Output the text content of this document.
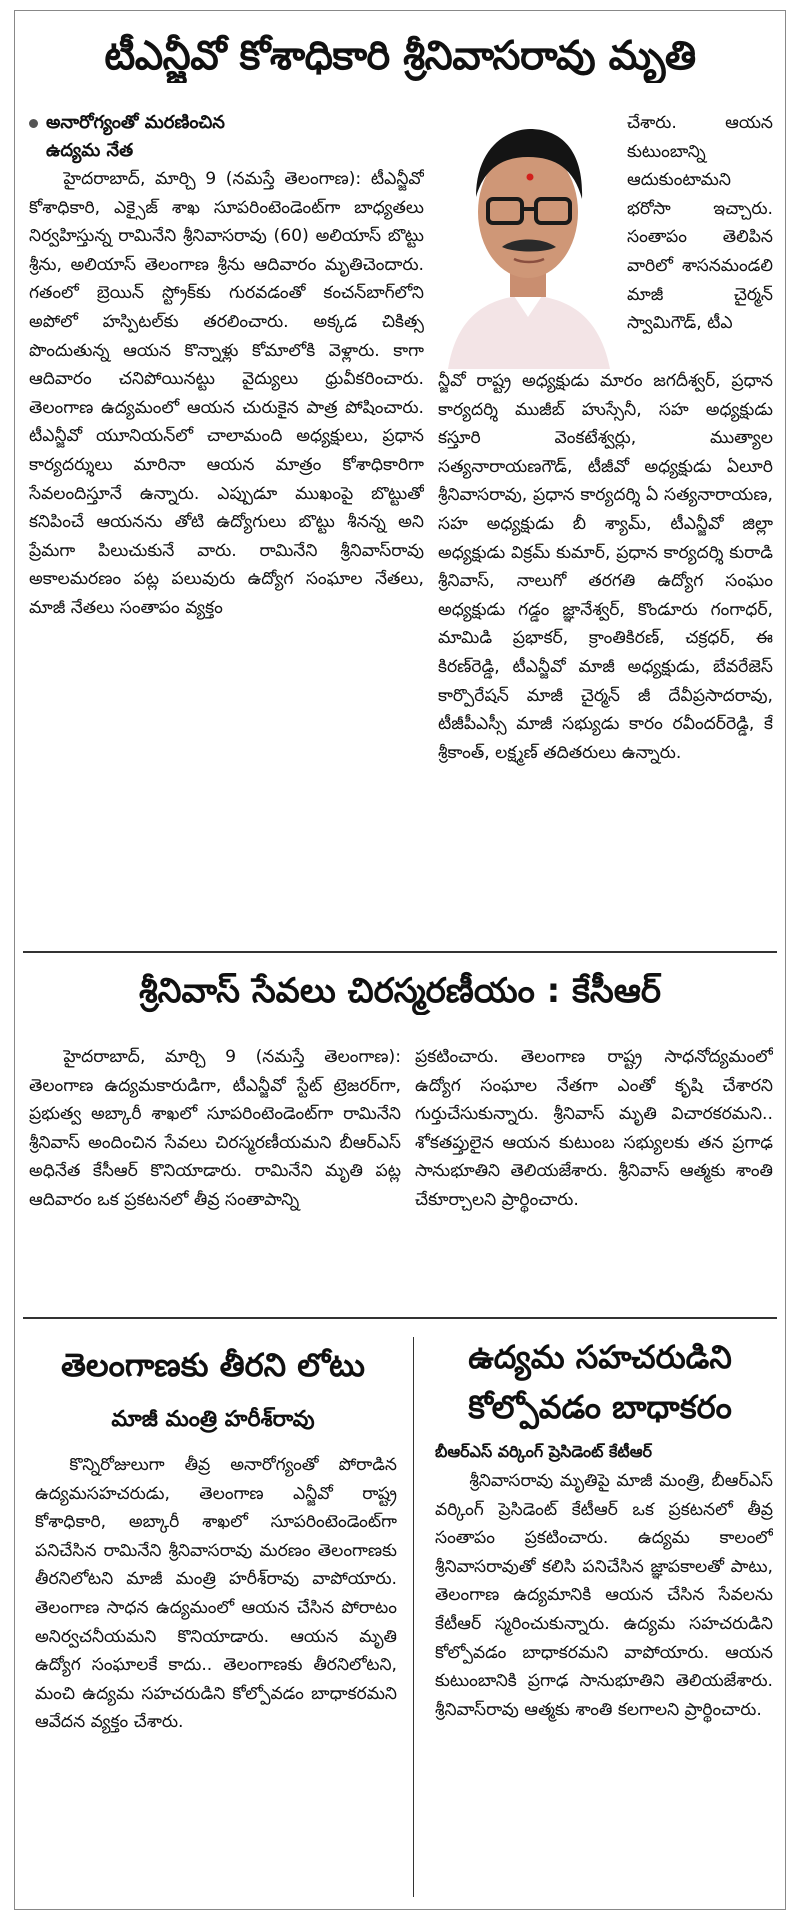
టీఎన్జీవో కోశాధికారి శ్రీనివాసరావు మృతి
అనారోగ్యంతో మరణించిన
ఉద్యమ నేత

హైదరాబాద్, మార్చి 9 (నమస్తే తెలంగాణ): టీఎన్జీవో కోశాధికారి, ఎక్సైజ్ శాఖ సూపరింటెండెంట్‌గా బాధ్యతలు నిర్వహిస్తున్న రామినేని శ్రీనివాసరావు (60) అలియాస్ బొట్టు శ్రీను, అలియాస్ తెలంగాణ శ్రీను ఆదివారం మృతిచెందారు. గతంలో బ్రెయిన్ స్ట్రోక్‌కు గురవడంతో కంచన్‌బాగ్‌లోని అపోలో హస్పిటల్‌కు తరలించారు. అక్కడ చికిత్స పొందుతున్న ఆయన కొన్నాళ్లు కోమాలోకి వెళ్లారు. కాగా ఆదివారం చనిపోయినట్టు వైద్యులు ధ్రువీకరించారు. తెలంగాణ ఉద్యమంలో ఆయన చురుకైన పాత్ర పోషించారు. టీఎన్జీవో యూనియన్‌లో చాలామంది అధ్యక్షులు, ప్రధాన కార్యదర్శులు మారినా ఆయన మాత్రం కోశాధికారిగా సేవలందిస్తూనే ఉన్నారు. ఎప్పుడూ ముఖంపై బొట్టుతో కనిపించే ఆయనను తోటి ఉద్యోగులు బొట్టు శీనన్న అని ప్రేమగా పిలుచుకునే వారు. రామినేని శ్రీనివాస్‌రావు అకాలమరణం పట్ల పలువురు ఉద్యోగ సంఘాల నేతలు, మాజీ నేతలు సంతాపం వ్యక్తం

చేశారు. ఆయన కుటుంబాన్ని ఆదుకుంటామని భరోసా ఇచ్చారు. సంతాపం తెలిపిన వారిలో శాసనమండలి మాజీ చైర్మన్ స్వామిగౌడ్, టీఎ

న్జీవో రాష్ట్ర అధ్యక్షుడు మారం జగదీశ్వర్, ప్రధాన కార్యదర్శి ముజీబ్ హుస్సేనీ, సహ అధ్యక్షుడు కస్తూరి వెంకటేశ్వర్లు, ముత్యాల సత్యనారాయణగౌడ్, టీజీవో అధ్యక్షుడు ఏలూరి శ్రీనివాసరావు, ప్రధాన కార్యదర్శి ఏ సత్యనారాయణ, సహ అధ్యక్షుడు బీ శ్యామ్, టీఎన్జీవో జిల్లా అధ్యక్షుడు విక్రమ్ కుమార్, ప్రధాన కార్యదర్శి కురాడి శ్రీనివాస్, నాలుగో తరగతి ఉద్యోగ సంఘం అధ్యక్షుడు గడ్డం జ్ఞానేశ్వర్, కొండూరు గంగాధర్, మామిడి ప్రభాకర్, క్రాంతికిరణ్, చక్రధర్, ఈ కిరణ్‌రెడ్డి, టీఎన్జీవో మాజీ అధ్యక్షుడు, బేవరేజెస్ కార్పొరేషన్ మాజీ చైర్మన్ జీ దేవీప్రసాదరావు, టీజీపీఎస్సీ మాజీ సభ్యుడు కారం రవీందర్‌రెడ్డి, కే శ్రీకాంత్, లక్ష్మణ్ తదితరులు ఉన్నారు.

శ్రీనివాస్ సేవలు చిరస్మరణీయం : కేసీఆర్

హైదరాబాద్, మార్చి 9 (నమస్తే తెలంగాణ): తెలంగాణ ఉద్యమకారుడిగా, టీఎన్జీవో స్టేట్ ట్రెజరర్‌గా, ప్రభుత్వ అబ్కారీ శాఖలో సూపరింటెండెంట్‌గా రామినేని శ్రీనివాస్ అందించిన సేవలు చిరస్మరణీయమని బీఆర్‌ఎస్ అధినేత కేసీఆర్ కొనియాడారు. రామినేని మృతి పట్ల ఆదివారం ఒక ప్రకటనలో తీవ్ర సంతాపాన్ని

ప్రకటించారు. తెలంగాణ రాష్ట్ర సాధనోద్యమంలో ఉద్యోగ సంఘాల నేతగా ఎంతో కృషి చేశారని గుర్తుచేసుకున్నారు. శ్రీనివాస్ మృతి విచారకరమని.. శోకతప్తులైన ఆయన కుటుంబ సభ్యులకు తన ప్రగాఢ సానుభూతిని తెలియజేశారు. శ్రీనివాస్ ఆత్మకు శాంతి చేకూర్చాలని ప్రార్థించారు.

తెలంగాణకు తీరని లోటు
మాజీ మంత్రి హరీశ్‌రావు

కొన్నిరోజులుగా తీవ్ర అనారోగ్యంతో పోరాడిన ఉద్యమసహచరుడు, తెలంగాణ ఎన్జీవో రాష్ట్ర కోశాధికారి, అబ్కారీ శాఖలో సూపరింటెండెంట్‌గా పనిచేసిన రామినేని శ్రీనివాసరావు మరణం తెలంగాణకు తీరనిలోటని మాజీ మంత్రి హరీశ్‌రావు వాపోయారు. తెలంగాణ సాధన ఉద్యమంలో ఆయన చేసిన పోరాటం అనిర్వచనీయమని కొనియాడారు. ఆయన మృతి ఉద్యోగ సంఘాలకే కాదు.. తెలంగాణకు తీరనిలోటని, మంచి ఉద్యమ సహచరుడిని కోల్పోవడం బాధాకరమని ఆవేదన వ్యక్తం చేశారు.

ఉద్యమ సహచరుడిని
కోల్పోవడం బాధాకరం
బీఆర్‌ఎస్ వర్కింగ్ ప్రెసిడెంట్ కేటీఆర్

శ్రీనివాసరావు మృతిపై మాజీ మంత్రి, బీఆర్‌ఎస్ వర్కింగ్ ప్రెసిడెంట్ కేటీఆర్ ఒక ప్రకటనలో తీవ్ర సంతాపం ప్రకటించారు. ఉద్యమ కాలంలో శ్రీనివాసరావుతో కలిసి పనిచేసిన జ్ఞాపకాలతో పాటు, తెలంగాణ ఉద్యమానికి ఆయన చేసిన సేవలను కేటీఆర్ స్మరించుకున్నారు. ఉద్యమ సహచరుడిని కోల్పోవడం బాధాకరమని వాపోయారు. ఆయన కుటుంబానికి ప్రగాఢ సానుభూతిని తెలియజేశారు. శ్రీనివాస్‌రావు ఆత్మకు శాంతి కలగాలని ప్రార్థించారు.
